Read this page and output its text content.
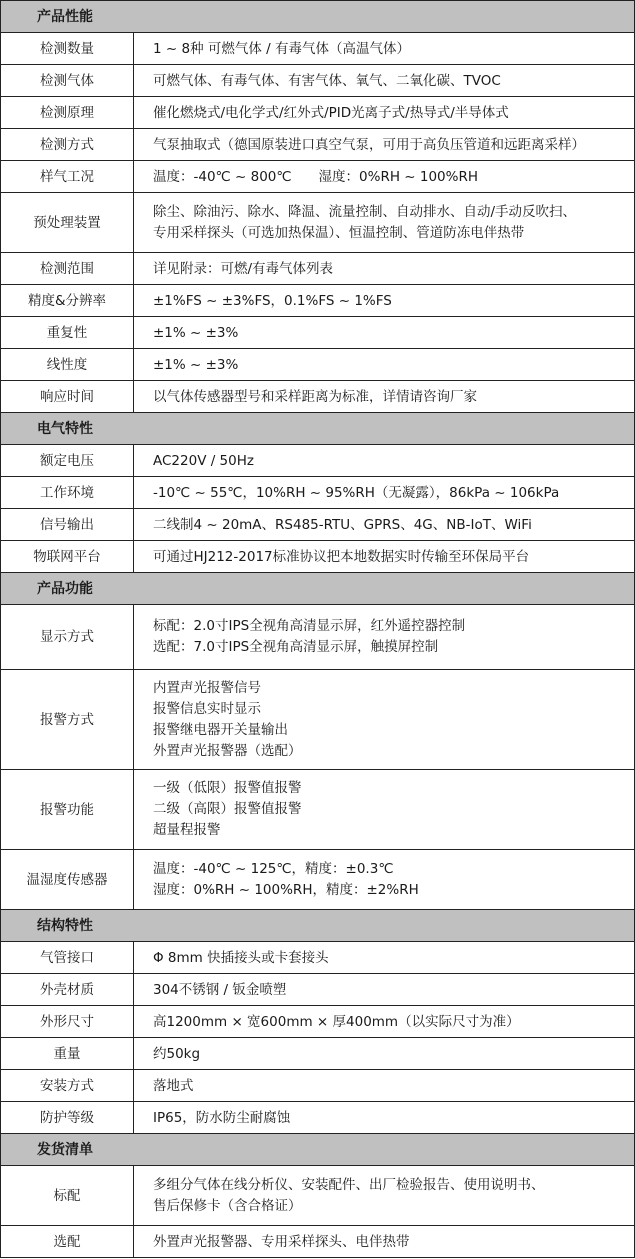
产品性能	
检测数量	1 ~ 8种 可燃气体 / 有毒气体（高温气体）

检测气体	可燃气体、有毒气体、有害气体、氧气、二氧化碳、TVOC

检测原理	催化燃烧式/电化学式/红外式/PID光离子式/热导式/半导体式

检测方式	气泵抽取式（德国原装进口真空气泵，可用于高负压管道和远距离采样）

样气工况	温度：-40℃ ~ 800℃　　湿度：0%RH ~ 100%RH

预处理装置	除尘、除油污、除水、降温、流量控制、自动排水、自动/手动反吹扫、
专用采样探头（可选加热保温）、恒温控制、管道防冻电伴热带

检测范围	详见附录：可燃/有毒气体列表

精度&分辨率	±1%FS ~ ±3%FS，0.1%FS ~ 1%FS

重复性	±1% ~ ±3%

线性度	±1% ~ ±3%

响应时间	以气体传感器型号和采样距离为标准，详情请咨询厂家

电气特性	
额定电压	AC220V / 50Hz

工作环境	-10℃ ~ 55℃，10%RH ~ 95%RH（无凝露），86kPa ~ 106kPa

信号输出	二线制4 ~ 20mA、RS485-RTU、GPRS、4G、NB-IoT、WiFi

物联网平台	可通过HJ212-2017标准协议把本地数据实时传输至环保局平台

产品功能	
显示方式	标配：2.0寸IPS全视角高清显示屏，红外遥控器控制
选配：7.0寸IPS全视角高清显示屏，触摸屏控制

报警方式	内置声光报警信号
报警信息实时显示
报警继电器开关量输出
外置声光报警器（选配）

报警功能	一级（低限）报警值报警
二级（高限）报警值报警
超量程报警

温湿度传感器	温度：-40℃ ~ 125℃，精度：±0.3℃
湿度：0%RH ~ 100%RH，精度：±2%RH

结构特性	
气管接口	Φ 8mm 快插接头或卡套接头

外壳材质	304不锈钢 / 钣金喷塑

外形尺寸	高1200mm × 宽600mm × 厚400mm（以实际尺寸为准）

重量	约50kg

安装方式	落地式

防护等级	IP65，防水防尘耐腐蚀

发货清单	
标配	多组分气体在线分析仪、安装配件、出厂检验报告、使用说明书、
售后保修卡（含合格证）

选配	外置声光报警器、专用采样探头、电伴热带
